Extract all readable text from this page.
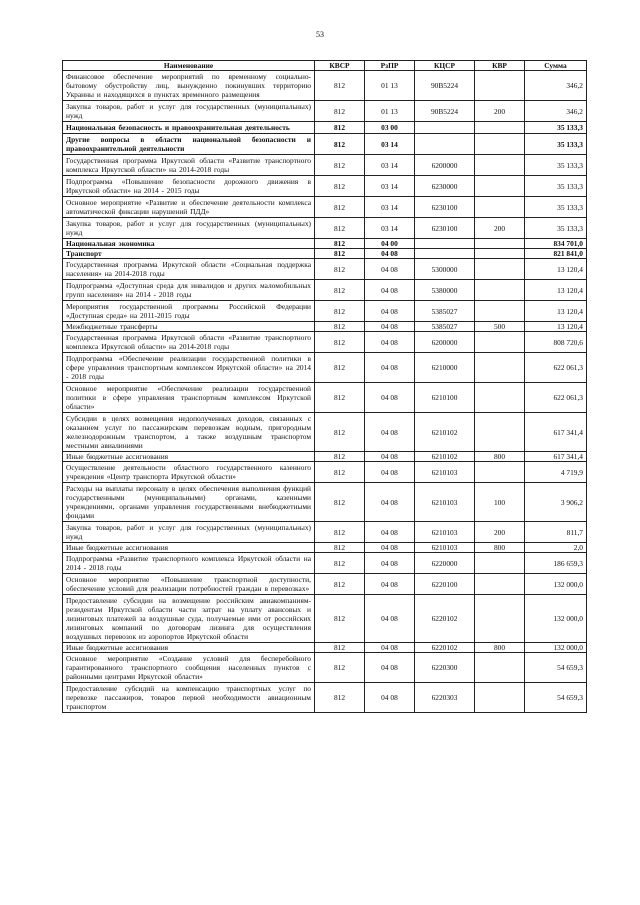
53
Наименование	КВСР	РзПР	КЦСР	КВР	Сумма
Финансовое обеспечение мероприятий по временному социально-бытовому обустройству лиц, вынужденно покинувших территорию Украины и находящихся в пунктах временного размещения	812	01 13	90В5224		346,2
Закупка товаров, работ и услуг для государственных (муниципальных) нужд	812	01 13	90В5224	200	346,2
Национальная безопасность и правоохранительная деятельность	812	03 00			35 133,3
Другие вопросы в области национальной безопасности и правоохранительной деятельности	812	03 14			35 133,3
Государственная программа Иркутской области «Развитие транспортного комплекса Иркутской области» на 2014-2018 годы	812	03 14	6200000		35 133,3
Подпрограмма «Повышение безопасности дорожного движения в Иркутской области» на 2014 - 2015 годы	812	03 14	6230000		35 133,3
Основное мероприятие «Развитие и обеспечение деятельности комплекса автоматической фиксации нарушений ПДД»	812	03 14	6230100		35 133,3
Закупка товаров, работ и услуг для государственных (муниципальных) нужд	812	03 14	6230100	200	35 133,3
Национальная экономика	812	04 00			834 701,0
Транспорт	812	04 08			821 841,0
Государственная программа Иркутской области «Социальная поддержка населения» на 2014-2018 годы	812	04 08	5300000		13 120,4
Подпрограмма «Доступная среда для инвалидов и других маломобильных групп населения» на 2014 - 2018 годы	812	04 08	5380000		13 120,4
Мероприятия государственной программы Российской Федерации «Доступная среда» на 2011-2015 годы	812	04 08	5385027		13 120,4
Межбюджетные трансферты	812	04 08	5385027	500	13 120,4
Государственная программа Иркутской области «Развитие транспортного комплекса Иркутской области» на 2014-2018 годы	812	04 08	6200000		808 720,6
Подпрограмма «Обеспечение реализации государственной политики в сфере управления транспортным комплексом Иркутской области» на 2014 - 2018 годы	812	04 08	6210000		622 061,3
Основное мероприятие «Обеспечение реализации государственной политики в сфере управления транспортным комплексом Иркутской области»	812	04 08	6210100		622 061,3
Субсидии в целях возмещения недополученных доходов, связанных с оказанием услуг по пассажирским перевозкам водным, пригородным железнодорожным транспортом, а также воздушным транспортом местными авиалиниями	812	04 08	6210102		617 341,4
Иные бюджетные ассигнования	812	04 08	6210102	800	617 341,4
Осуществление деятельности областного государственного казенного учреждения «Центр транспорта Иркутской области»	812	04 08	6210103		4 719,9
Расходы на выплаты персоналу в целях обеспечения выполнения функций государственными (муниципальными) органами, казенными учреждениями, органами управления государственными внебюджетными фондами	812	04 08	6210103	100	3 906,2
Закупка товаров, работ и услуг для государственных (муниципальных) нужд	812	04 08	6210103	200	811,7
Иные бюджетные ассигнования	812	04 08	6210103	800	2,0
Подпрограмма «Развитие транспортного комплекса Иркутской области на 2014 - 2018 годы	812	04 08	6220000		186 659,3
Основное мероприятие «Повышение транспортной доступности, обеспечение условий для реализации потребностей граждан в перевозках»	812	04 08	6220100		132 000,0
Предоставление субсидии на возмещение российским авиакомпаниям-резидентам Иркутской области части затрат на уплату авансовых и лизинговых платежей за воздушные суда, получаемые ими от российских лизинговых компаний по договорам лизинга для осуществления воздушных перевозок из аэропортов Иркутской области	812	04 08	6220102		132 000,0
Иные бюджетные ассигнования	812	04 08	6220102	800	132 000,0
Основное мероприятие «Создание условий для бесперебойного гарантированного транспортного сообщения населенных пунктов с районными центрами Иркутской области»	812	04 08	6220300		54 659,3
Предоставление субсидий на компенсацию транспортных услуг по перевозке пассажиров, товаров первой необходимости авиационным транспортом	812	04 08	6220303		54 659,3
